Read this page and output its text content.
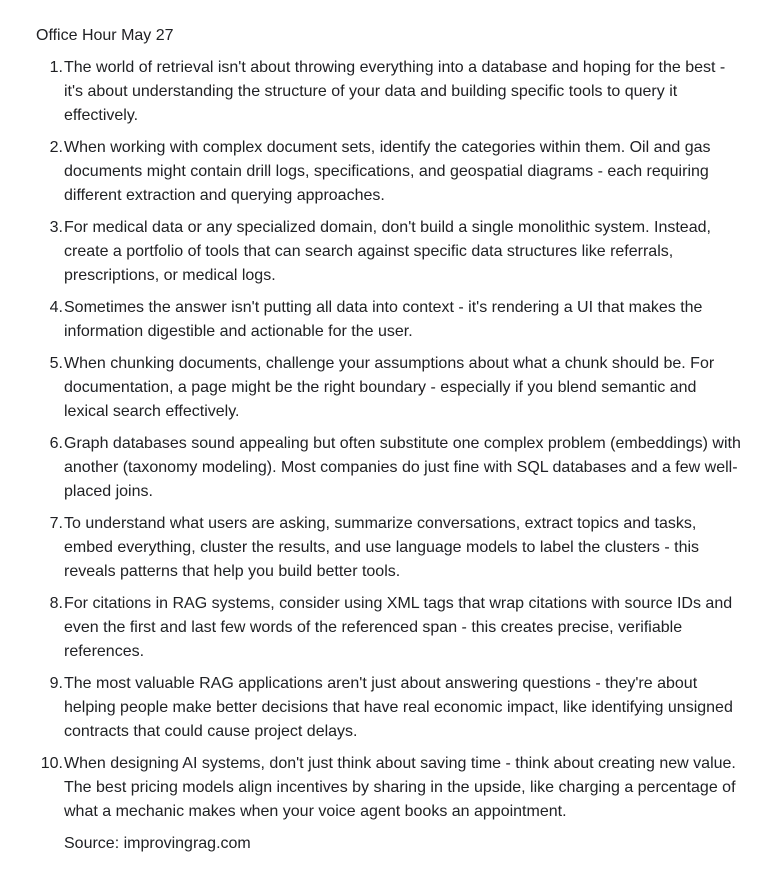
Office Hour May 27
1. The world of retrieval isn't about throwing everything into a database and hoping for the best - it's about understanding the structure of your data and building specific tools to query it effectively.
2. When working with complex document sets, identify the categories within them. Oil and gas documents might contain drill logs, specifications, and geospatial diagrams - each requiring different extraction and querying approaches.
3. For medical data or any specialized domain, don't build a single monolithic system. Instead, create a portfolio of tools that can search against specific data structures like referrals, prescriptions, or medical logs.
4. Sometimes the answer isn't putting all data into context - it's rendering a UI that makes the information digestible and actionable for the user.
5. When chunking documents, challenge your assumptions about what a chunk should be. For documentation, a page might be the right boundary - especially if you blend semantic and lexical search effectively.
6. Graph databases sound appealing but often substitute one complex problem (embeddings) with another (taxonomy modeling). Most companies do just fine with SQL databases and a few well-placed joins.
7. To understand what users are asking, summarize conversations, extract topics and tasks, embed everything, cluster the results, and use language models to label the clusters - this reveals patterns that help you build better tools.
8. For citations in RAG systems, consider using XML tags that wrap citations with source IDs and even the first and last few words of the referenced span - this creates precise, verifiable references.
9. The most valuable RAG applications aren't just about answering questions - they're about helping people make better decisions that have real economic impact, like identifying unsigned contracts that could cause project delays.
10. When designing AI systems, don't just think about saving time - think about creating new value. The best pricing models align incentives by sharing in the upside, like charging a percentage of what a mechanic makes when your voice agent books an appointment.
Source: improvingrag.com
